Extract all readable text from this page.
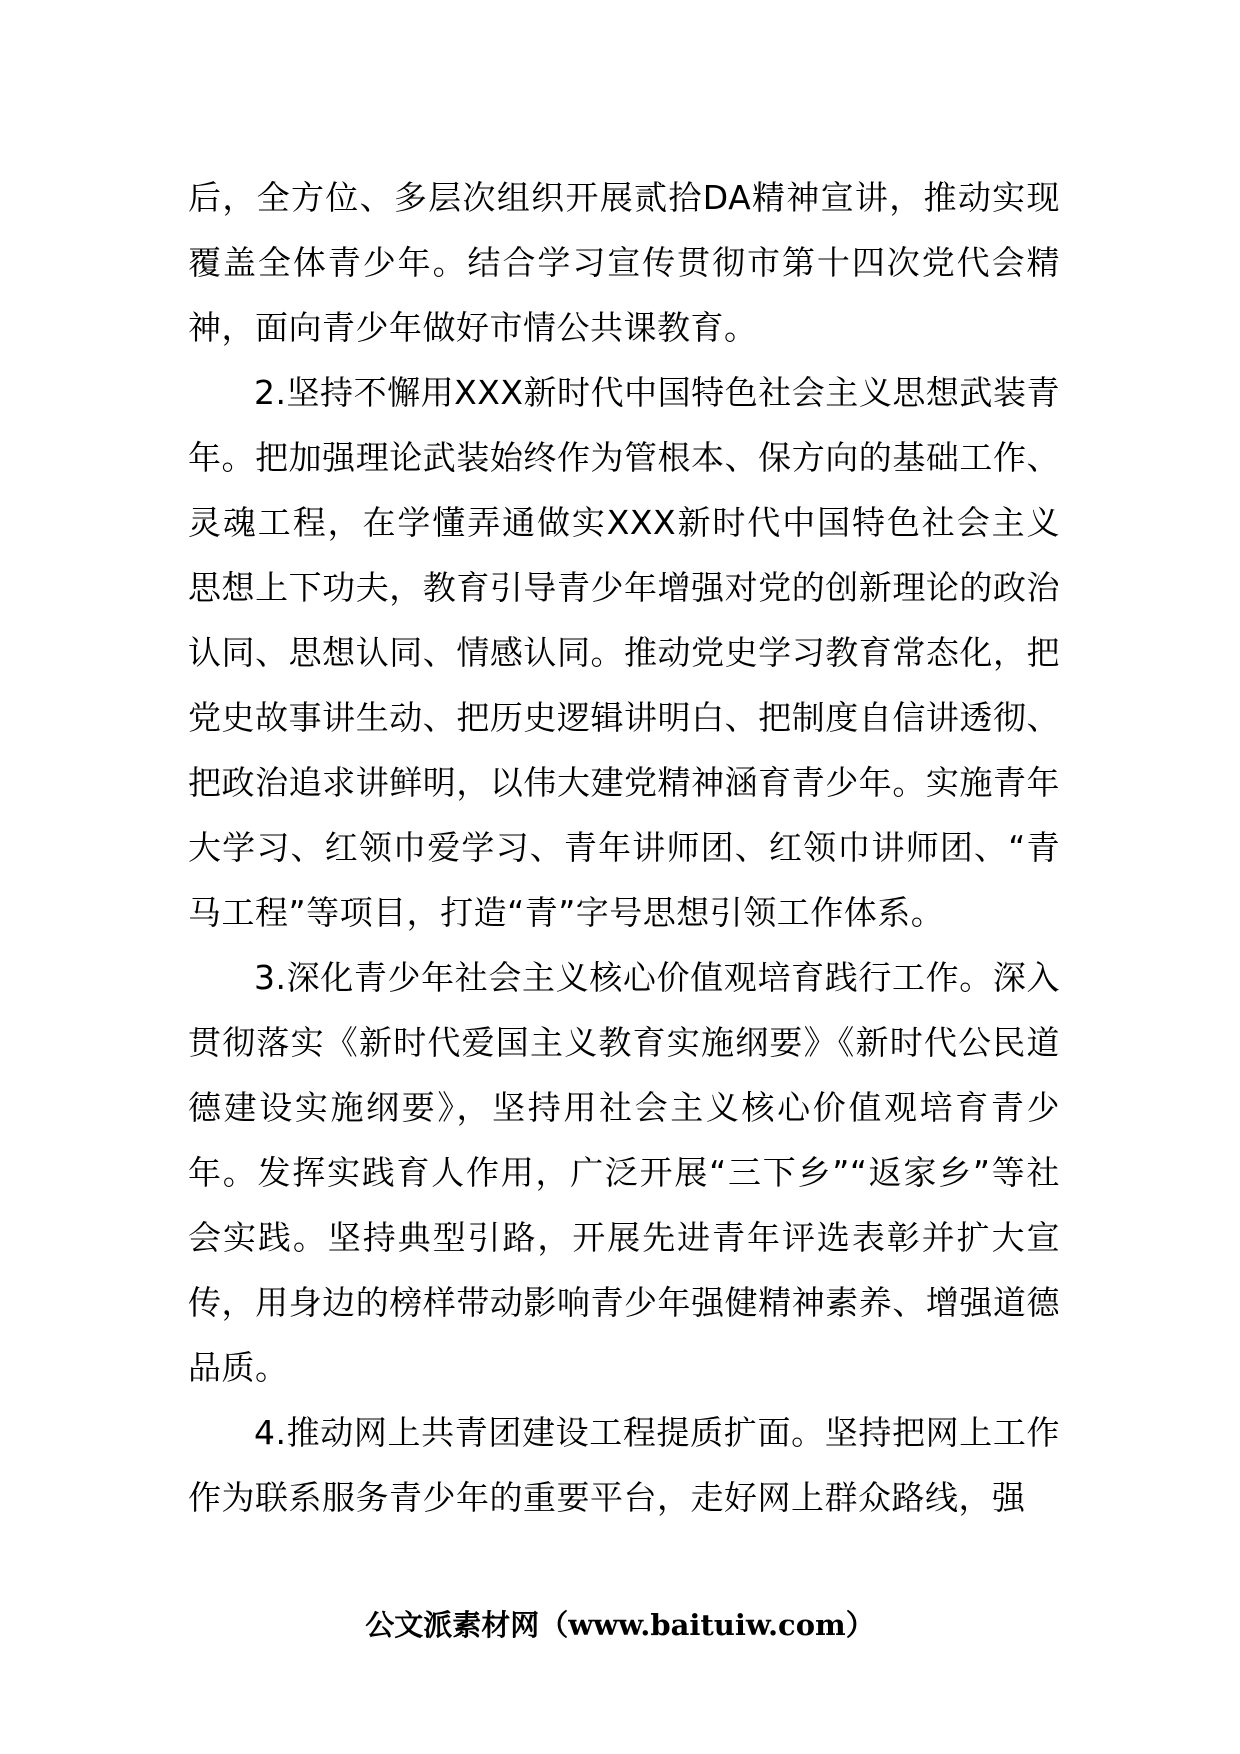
后，全方位、多层次组织开展贰拾DA精神宣讲，推动实现覆盖全体青少年。结合学习宣传贯彻市第十四次党代会精神，面向青少年做好市情公共课教育。

2.坚持不懈用XXX新时代中国特色社会主义思想武装青年。把加强理论武装始终作为管根本、保方向的基础工作、灵魂工程，在学懂弄通做实XXX新时代中国特色社会主义思想上下功夫，教育引导青少年增强对党的创新理论的政治认同、思想认同、情感认同。推动党史学习教育常态化，把党史故事讲生动、把历史逻辑讲明白、把制度自信讲透彻、把政治追求讲鲜明，以伟大建党精神涵育青少年。实施青年大学习、红领巾爱学习、青年讲师团、红领巾讲师团、“青马工程”等项目，打造“青”字号思想引领工作体系。

3.深化青少年社会主义核心价值观培育践行工作。深入贯彻落实《新时代爱国主义教育实施纲要》《新时代公民道德建设实施纲要》，坚持用社会主义核心价值观培育青少年。发挥实践育人作用，广泛开展“三下乡”“返家乡”等社会实践。坚持典型引路，开展先进青年评选表彰并扩大宣传，用身边的榜样带动影响青少年强健精神素养、增强道德品质。

4.推动网上共青团建设工程提质扩面。坚持把网上工作作为联系服务青少年的重要平台，走好网上群众路线，强

公文派素材网（www.baituiw.com）
